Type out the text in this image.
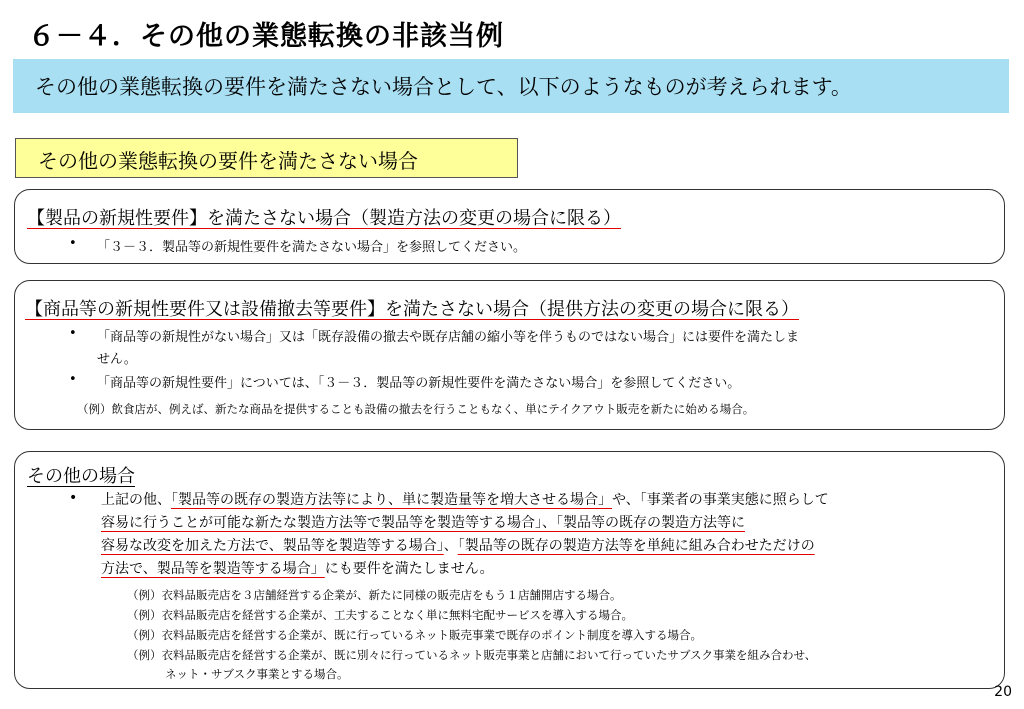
６－４．その他の業態転換の非該当例
その他の業態転換の要件を満たさない場合として、以下のようなものが考えられます。
その他の業態転換の要件を満たさない場合
【製品の新規性要件】を満たさない場合（製造方法の変更の場合に限る）
• 「３－３．製品等の新規性要件を満たさない場合」を参照してください。
【商品等の新規性要件又は設備撤去等要件】を満たさない場合（提供方法の変更の場合に限る）
• 「商品等の新規性がない場合」又は「既存設備の撤去や既存店舗の縮小等を伴うものではない場合」には要件を満たしま
せん。
• 「商品等の新規性要件」については、「３－３．製品等の新規性要件を満たさない場合」を参照してください。
（例）飲食店が、例えば、新たな商品を提供することも設備の撤去を行うこともなく、単にテイクアウト販売を新たに始める場合。
その他の場合
• 上記の他、「製品等の既存の製造方法等により、単に製造量等を増大させる場合」や、「事業者の事業実態に照らして
容易に行うことが可能な新たな製造方法等で製品等を製造等する場合」、「製品等の既存の製造方法等に
容易な改変を加えた方法で、製品等を製造等する場合」、「製品等の既存の製造方法等を単純に組み合わせただけの
方法で、製品等を製造等する場合」にも要件を満たしません。
（例）衣料品販売店を３店舗経営する企業が、新たに同様の販売店をもう１店舗開店する場合。
（例）衣料品販売店を経営する企業が、工夫することなく単に無料宅配サービスを導入する場合。
（例）衣料品販売店を経営する企業が、既に行っているネット販売事業で既存のポイント制度を導入する場合。
（例）衣料品販売店を経営する企業が、既に別々に行っているネット販売事業と店舗において行っていたサブスク事業を組み合わせ、
ネット・サブスク事業とする場合。
20
